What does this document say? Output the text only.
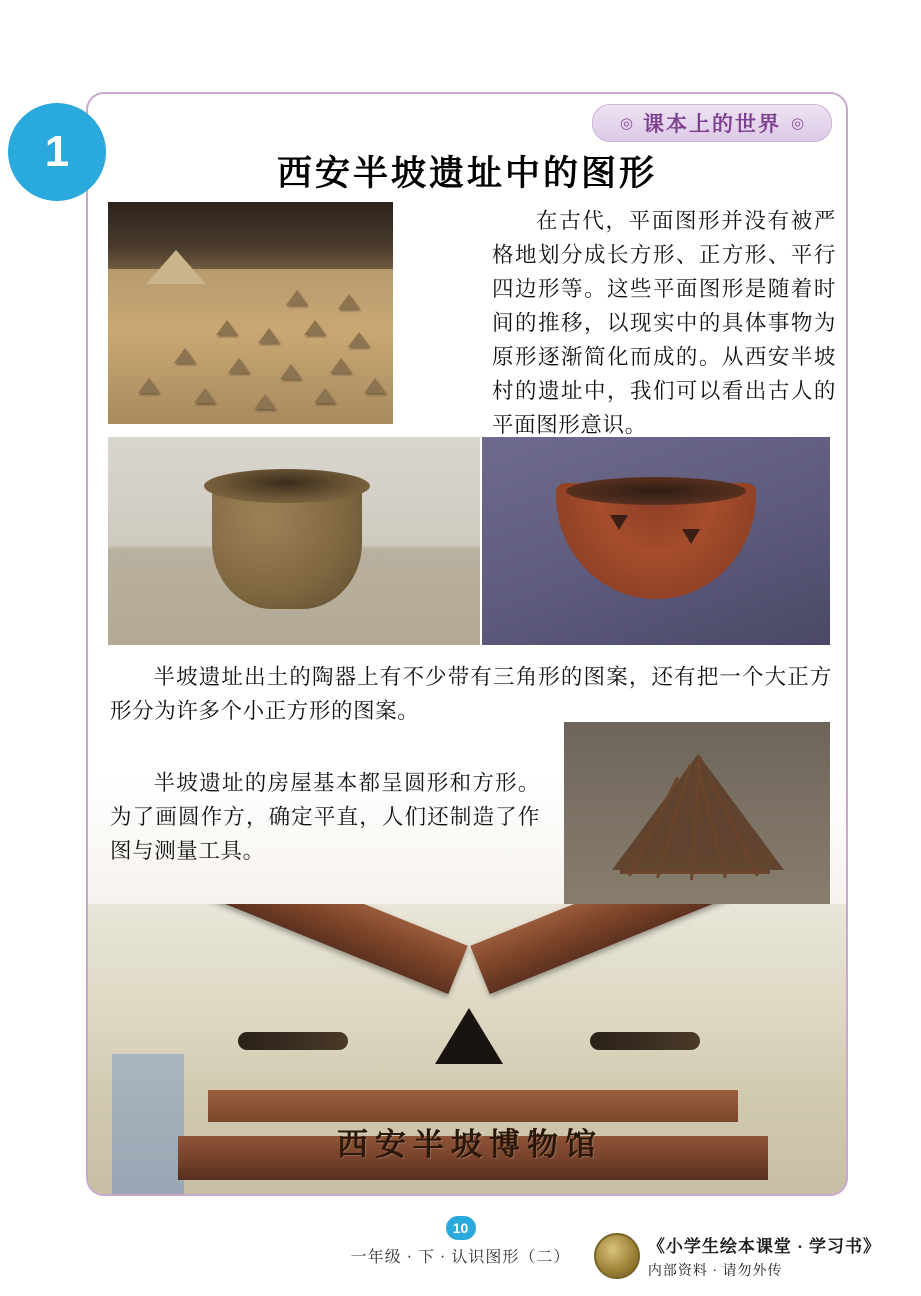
◎ 课本上的世界 ◎
西安半坡遗址中的图形
西安半坡博物馆
在古代，平面图形并没有被严格地划分成长方形、正方形、平行四边形等。这些平面图形是随着时间的推移，以现实中的具体事物为原形逐渐简化而成的。从西安半坡村的遗址中，我们可以看出古人的平面图形意识。
半坡遗址出土的陶器上有不少带有三角形的图案，还有把一个大正方形分为许多个小正方形的图案。
半坡遗址的房屋基本都呈圆形和方形。为了画圆作方，确定平直，人们还制造了作图与测量工具。
1
10
一年级 · 下 · 认识图形（二）
《小学生绘本课堂 · 学习书》
内部资料 · 请勿外传
